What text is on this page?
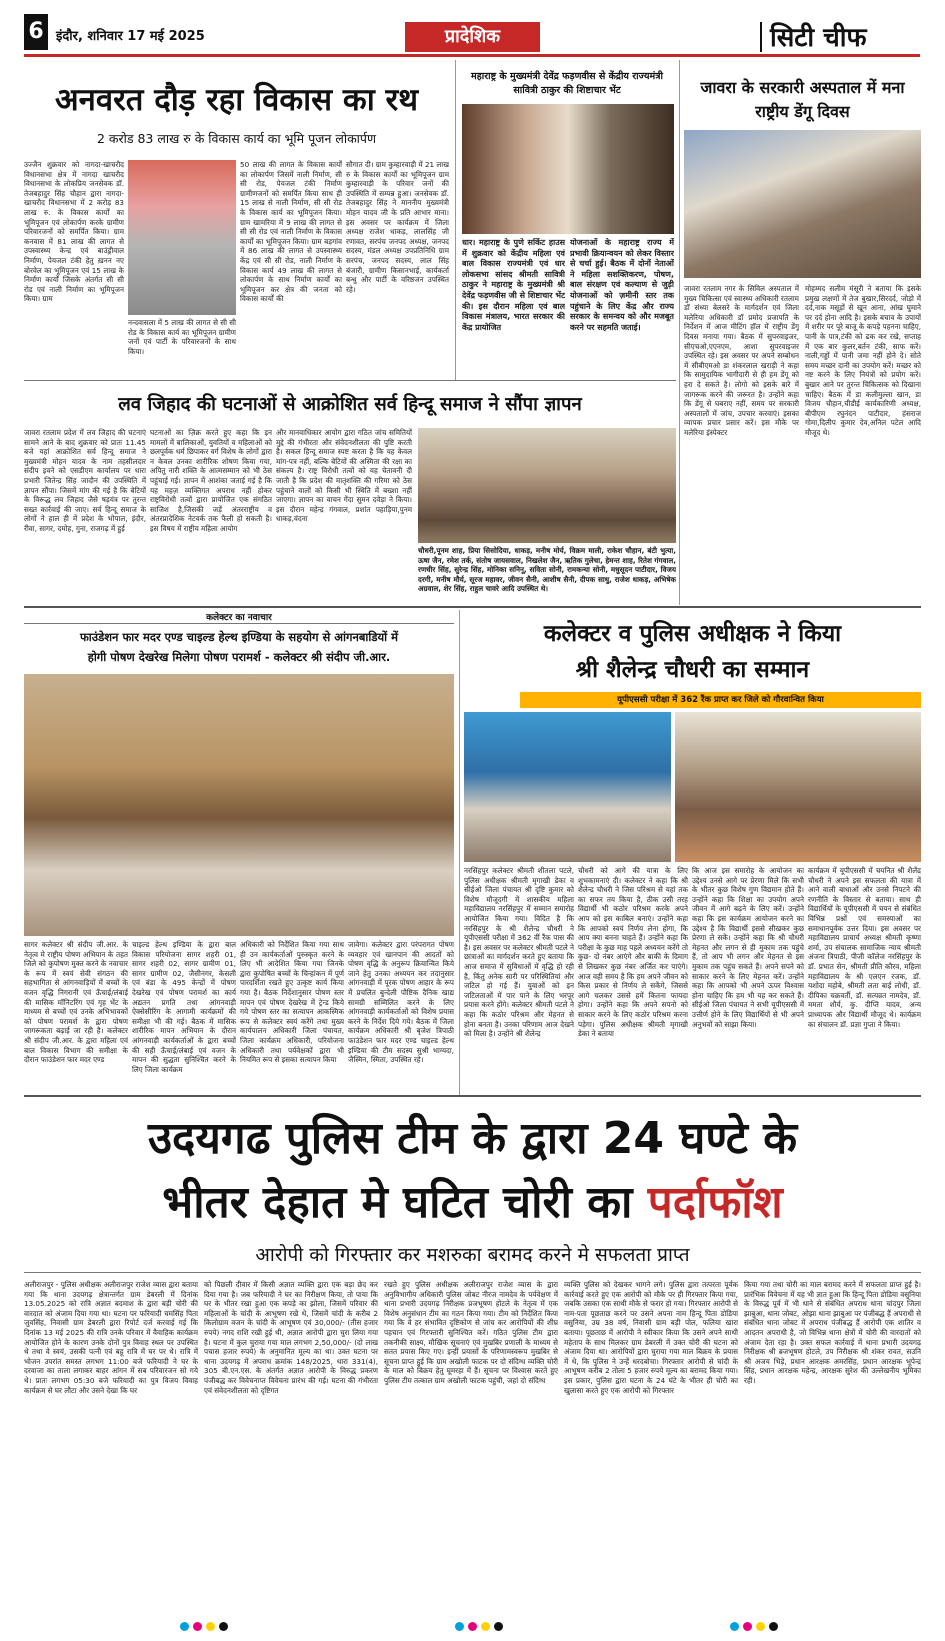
6 इंदौर, शनिवार 17 मई 2025	प्रादेशिक	सिटी चीफ
अनवरत दौड़ रहा विकास का रथ
2 करोड 83 लाख रु के विकास कार्य का भूमि पूजन लोकार्पण
उज्जैन शुक्रवार को नागदा-खाचरौद विधानसभा क्षेत्र में नागदा खाचरौद विधानसभा के लोकप्रिय जनसेवक डॉ. तेजबहादुर सिंह चौहान द्वारा नागदा-खाचरौद विधानसभा में 2 करोड़ 83 लाख रु. के विकास कार्यों का भूमिपूजन एवं लोकार्पण करके ग्रामीण परिवारजनों को समर्पित किया। ग्राम कनवास में 81 लाख की लागत से उपस्वास्थ्य केन्द्र एवं बाउंड्रीवाल निर्माण, पेयजल टंकी हेतु ख़नन नए बोरवेल का भूमिपूजन एवं 15 लाख के निर्माण कार्यों जिसके अंतर्गत सी सी रोड एवं नाली निर्माण का भूमिपूजन किया। ग्राम
नन्दवासला में 5 लाख की लागत से सी सी रोड के विकास कार्य का भूमिपूजन ग्रामीण जनों एवं पार्टी के परिवारजनों के साथ किया।
50 लाख की लागत के विकास कार्यों का लोकार्पण जिसमें नाली निर्माण, सी सी रोड, पेयजल टंकी निर्माण ग्रामीणजनों को समर्पित किया साथ ही 15 लाख से नाली निर्माण, सी सी रोड के विकास कार्य का भूमिपूजन किया। ग्राम खामरिया में 9 लाख की लागत से सी सी रोड एवं नाली निर्माण के विकास कार्यों का भूमिपूजन किया। ग्राम बड़गांव में 86 लाख की लागत से उपस्वास्थ्य केंद्र एवं सी सी रोड, नाली निर्माण के विकास कार्य 49 लाख की लागत से लोकार्पण के साथ निर्माण कार्यों का भूमिपूजन कर क्षेत्र की जनता को विकास कार्यों की
सौगात दी। ग्राम कुम्हारवाड़ी में 21 लाख रु के विकास कार्यों का भूमिपूजन ग्राम कुम्हारवाड़ी के परिवार जनों की उपस्थिति में सम्पन्न हुआ। जनसेवक डॉ. तेजबहादुर सिंह ने माननीय मुख्यमंत्री मोहन यादव जी के प्रति आभार माना। इस अवसर पर कार्यक्रम में जिला अध्यक्ष राजेश धाकड़, लालसिंह जी रणावत, सरपंच जनपद अध्यक्ष, जनपद सदस्य, मंडल अध्यक्ष उपप्रतिनिधि ग्राम सरपंच, जनपद सदस्य, लाल सिंह बंजारी, ग्रामीण किसानभाई, कार्यकर्ता बन्धु और पार्टी के वरिष्ठजन उपस्थित रहे।
महाराष्ट्र के मुख्यमंत्री देवेंद्र फड़णवीस से केंद्रीय राज्यमंत्री सावित्री ठाकुर की शिष्टाचार भेंट
धार। महाराष्ट्र के पुणे सर्किट हाउस में शुक्रवार को केंद्रीय महिला एवं बाल विकास राज्यमंत्री एवं धार लोकसभा सांसद श्रीमती सावित्री ठाकुर ने महाराष्ट्र के मुख्यमंत्री श्री देवेंद्र फड़णवीस जी से शिष्टाचार भेंट की। इस दौरान महिला एवं बाल विकास मंत्रालय, भारत सरकार की केंद्र प्रायोजित
योजनाओं के महाराष्ट्र राज्य में प्रभावी क्रियान्वयन को लेकर विस्तार से चर्चा हुई। बैठक में दोनों नेताओं ने महिला सशक्तिकरण, पोषण, बाल संरक्षण एवं कल्याण से जुड़ी योजनाओं को ज़मीनी स्तर तक पहुंचाने के लिए केंद्र और राज्य सरकार के समन्वय को और मजबूत करने पर सहमति जताई।
जावरा के सरकारी अस्पताल में मना राष्ट्रीय डेंगू दिवस
जावरा रतलाम नगर के सिविल अस्पताल में मुख्य चिकित्सा एवं स्वास्थ्य अधिकारी रतलाम डॉ संध्या बेलसरे के मार्गदर्शन एवं जिला मलेरिया अधिकारी डॉ प्रमोद प्रजापति के निर्देशन में आज मीटिंग हॉल में राष्ट्रीय डेंगू दिवस मनाया गया। बैठक में सुपरवाइजर, सीएचओ,एएनएम, आशा सुपरवाइजर उपस्थित रहे। इस अवसर पर अपने सम्बोधन में सीबीएमओ डा शंकरलाल खराड़ी ने कहा कि सामुदायिक भागीदारी से ही हम डेंगू को हरा दे सकते है। लोगो को इसके बारे में जागरूक करने की जरूरत है। उन्होंने कहा कि डेंगू से घबराए नहीं, समय पर सरकारी अस्पतालों में जांच, उपचार करवाएं। इसका व्यापक प्रचार प्रसार करें। इस मौके पर मलेरिया इंस्पेक्टर
मोहम्मद सलीम मंसूरी ने बताया कि इसके प्रमुख लक्षणों में तेज बुखार,सिरदर्द, जोड़ो में दर्द,नाक मसूड़ों से खून आना, आंख घुमाने पर दर्द होना आदि है। इसके बचाव के उपायों में शरीर पर पूरे बाजू के कपड़े पहनना चाहिए, पानी के पात्र,टंकी को ढक कर रखे, सप्ताह में एक बार कुलर,बर्तन टंकी, साफ करें। नाली,गड्डों में पानी जमा नहीं होने दे। सोते समय मच्छर दानी का उपयोग करें। मच्छर को नष्ट करने के लिए नियंत्रों को प्रयोग करें। बुखार आने पर तुरन्त चिकित्सक को दिखाना चाहिए। बैठक में डा कलीमुल्ला खान, डा विजय चौहान,चीडीई कार्यकारिणी अध्यक्ष, बीपीएम रघुनंदन पाटीदार, हंसराज गोमा,दिलीप कुमार देव,अनिल पटेल आदि मौजूद थे।
लव जिहाद की घटनाओं से आक्रोशित सर्व हिन्दू समाज ने सौंपा ज्ञापन
जावरा रतलाम प्रदेश में लव जिहाद की घटनाएं सामने आने के बाद शुक्रवार को प्रातः 11.45 बजे यहां आक्रोशित सर्व हिन्दू समाज ने मुख्यमंत्री मोहन यादव के नाम तहसीलदार संदीप इवने को एसडीएम कार्यालय पर धारा प्रभारी जितेन्द्र सिंह जादौन की उपस्थिति में ज्ञापन सौंपा। जिसमें मांग की गई है कि बेटियों के विरूद्ध लव जिहाद जैसे षड़यंत्र पर तुरन्त सख्त कार्रवाई की जाए। सर्व हिन्दू समाज के लोगों ने हाल ही में प्रदेश के भोपाल, इंदौर, रीवा, सागर, दमोह, गुना, राजगढ़ में हुई
घटनाओं का ज़िक्र करते हुए कहा कि इन मामलों में बालिकाओं, युवतियों व महिलाओं को छलपूर्वक धर्म छिपाकर वर्ग विशेष के लोगों द्वारा न केवल उनका शारीरिक शोषण किया गया, अपितु नारी शक्ति के आत्मसम्मान को भी ठेस पहुंचाई गई। ज्ञापन में आशंका जताई गई है कि यह महज़ व्यक्तिगत अपराध नहीं होकर राष्ट्रविरोधी तत्वों द्वारा प्रायोजित एक संगठित साजिश है,जिसकी जड़ें अंतरराष्ट्रीय व अंतरप्रादेशिक नेटवर्क तक फैली हो सकती है। इस विषय में राष्ट्रीय महिला आयोग
और मानवाधिकार आयोग द्वारा गठित जांच समितियों मुद्दे की गंभीरता और संवेदनशीलता की पुष्टि करती है। सकल हिन्दू समाज स्पष्ट करता है कि यह केवल मांग-पत्र नहीं, बल्कि बेटियों की अस्मिता की रक्षा का संकल्प है। राष्ट्र विरोधी तत्वों को यह चेतावनी दी जाती है कि प्रदेश की मातृशक्ति की गरिमा को ठेस पहुंचाने वालों को किसी भी स्थिति में बख्शा नहीं जाएगा। ज्ञापन का वाचन गेंदा सुमन दवेड़ा ने किया। इस दौरान महेन्द्र गंगवाल, प्रशांत पहाड़िया,पुनम धाकड़,वंदना
चौधरी,पूनम शाह, प्रिया सिसोदिया, धाकड़, मनीष मोर्य, विक्रम माली, राकेश चौहान, बंटी भुत्या, ऊषा जैन, रमेश तर्क, संतोष जायसवाल, निखलेश जैन, ऋतिक गुलेचा, हेमन्त शाह, रितेश गंगवाल, रणधीर सिंह, सुरेन्द्र सिंह, मोनिका सनिनू, सविता सोनी, रामकन्या सोनी, मधुसूदन पाटीदार, विजय दरगी, मनीष मौर्य, सूरज महावर, जीवन सैनी, आशीष सैनी, दीपक साधु, राजेश धाकड़, अभिषेक अग्रवाल, शेर सिंह, राहुल चावरे आदि उपस्थित थे।
कलेक्टर का नवाचार
फाउंडेशन फार मदर एण्ड चाइल्ड हेल्थ इण्डिया के सहयोग से आंगनबाडियों में
होगी पोषण देखरेख मिलेगा पोषण परामर्श - कलेक्टर श्री संदीप जी.आर.
सागर कलेक्टर श्री संदीप जी.आर. के नेतृत्व मे राष्ट्रीय पोषण अभियान के तहत जिले को कुपोषण मुक्त करने के नवाचार के रूप में स्वयं सेवी संगठन की सहभागिता से आंगनवाड़ियों में बच्चों के वजन वृद्धि निगरानी एवं ऊँचाई/लंबाई की मासिक मॉनिटरिंग एवं गृह भेंट के माध्यम से बच्चों एवं उनके अभिभावकों को पोषण परामर्श के द्वारा पोषण जागरूकता बढ़ाई जा रही है। कलेक्टर श्री संदीप जी.आर. के द्वारा महिला एवं बाल विकास विभाग की समीक्षा के दौरान फाउंडेशन फार मदर एण्ड
चाइल्ड हेल्थ इण्डिया के द्वारा बाल विकास परियोजना सागर शहरी 01, सागर शहरी 02, सागर ग्रामीण 01, सागर ग्रामीण 02, जैसीनगर, केसली एवं बंडा के 495 केन्द्रों में पोषण देखरेख एवं पोषण परामर्श का कार्य अद्यतन प्रगति तथा आंगनवाड़ी ऐक्सेसीरिंग के आगामी कार्यक्रमों की समीक्षा भी की गई। बैठक में मासिक शारीरिक मापन अभियान के दौरान आंगनवाड़ी कार्यकर्ताओं के द्वारा बच्चों की सही ऊँचाई/लंबाई एवं वजन के मापन की सुद्धता सुनिश्चित करने के लिए जिला कार्यक्रम
अधिकारी को निर्देशित किया गया साथ ही उन कार्यकर्ताओं पुरुस्कृत करने के लिए भी आदेशित किया गया जिनके द्वारा कुपोषित बच्चों के चिन्हांकन में पूर्ण पारदर्शिता रखते हुए उत्कृष्ट कार्य किया गया है। बैठक निर्देशानुसार पोषण स्तर मापन एवं पोषण देखरेख में ट्रेन्ड किये गये पोषण स्तर का सत्यापन आकस्मिक रूप से कलेक्टर स्वयं करेंगे तथा मुख्य कार्यपालन अधिकारी जिला पंचायत, जिला कार्यक्रम अधिकारी, परियोजना अधिकारी तथा पर्यवेक्षकों द्वारा भी नियमित रूप से इसका सत्यापन किया
जावेगा। कलेक्टर द्वारा परंपरागत पोषण व्यवहार एवं खानपान की आदतों को पोषण वृद्धि के अनुरूप क्रियान्वित किये जाने हेतु उनका अध्ययन कर तदानुसार आंगनवाड़ी में पूरक पोषण आहार के रूप में प्रचलित बुन्देली पौष्टिक दैनिक खाद्य सामग्री सम्मिलित करने के लिए आंगनवाड़ी कार्यकर्ताओं को विशेष प्रयास करने के निर्देश दिये गये। बैठक में जिला कार्यक्रम अधिकारी श्री बृजेश त्रिपाठी फाउंडेशन फार मदर एण्ड चाइल्ड हेल्थ इण्डिया की टीम सदस्य सुश्री भाग्यदा, जैस्मिन, स्मिता, उपस्थित रहे।
कलेक्टर व पुलिस अधीक्षक ने किया
श्री शैलेन्द्र चौधरी का सम्मान
यूपीएससी परीक्षा में 362 रैंक प्राप्त कर जिले को गौरवान्वित किया
नरसिंहपुर कलेक्टर श्रीमती शीतला पटले, पुलिस अधीक्षक श्रीमती मृगाखी डेका व सीईओ जिला पंचायत श्री दृष्टि कुमार को विशेष मौजूदगी में शासकीय महिला महाविद्यालय नरसिंहपुर में सम्मान समारोह आयोजित किया गया। विदित है कि नरसिंहपुर के श्री शैलेन्द्र चौधरी ने यूपीएससी परीक्षा में 362 वीं रैंक पास की है। इस अवसर पर कलेक्टर श्रीमती पटले ने छात्राओं का मार्गदर्शन करते हुए बताया कि आज समाज में सुविधाओं में वृद्धि हो रही है, किंतु अनेक सारी पर परिस्थितियां और जटिल हो गई हैं। युवाओं को इन जटिलताओं में पार पाने के लिए भरपूर प्रयास करने होंगे। कलेक्टर श्रीमती पटले ने कहा कि कठोर परिश्रम और मेहनत से होना बनता है। उनका परिणाम आज देखने को मिला है। उन्होंने श्री शैलेन्द्र
चौधरी को आगे की यात्रा के लिए शुभकामनाएं दी। कलेक्टर ने कहा कि श्री शैलेन्द्र चौधरी ने जिस परिश्रम से यहां तक का सफर तय किया है, ठीक उसी तरह विद्यार्थी भी कठोर परिश्रम करके अपने आप को इस काबिल बनाएं। उन्होंने कहा कि आपको स्वयं निर्णय लेना होगा, कि आप क्या बनना चाहते हैं। उन्होंने कहा कि परीक्षा के कुछ माह पहले अध्ययन करेंगे तो कुछ- दो नंबर आएंगे और बाकी के दिमाग से लिखकर कुछ नंबर अर्जित कर पाएंगे। आज वही समय है कि हम अपने जीवन को किस प्रकार से निर्णय ले सकेंगे, जिससे आगे चलकर उससे हमें कितना फायदा होगा। उन्होंने कहा कि अपने सपनो को साकार करने के लिए कठोर परिश्रम करना पड़ेगा। पुलिस अधीक्षक श्रीमती मृगाखी डेका ने बताया
कि आज इस समारोह के आयोजन का उद्देश्य उनसे आगे पर प्रेरणा मिले कि सभी के भीतर कुछ विशेष गुण विद्यमान होते हैं। उन्होंने कहा कि शिक्षा का उपयोग अपने जीवन में आगे बढ़ने के लिए करें। उन्होंने कहा कि इस कार्यक्रम आयोजन करने का उद्देश्य है कि विद्यार्थी इससे सीखकर कुछ प्रेरणा ले सकें। उन्होंने कहा कि श्री चौधरी मेहनत और लगन से ही मुकाम तक पहुंचे हैं, तो आप भी लगन और मेहनत से इस मुकाम तक पहुंच सकते हैं। अपने सपने को साकार करने के लिए मेहनत करें। उन्होंने कहा कि आपको भी अपने ऊपर विश्वास होना चाहिए कि हम भी यह कर सकते हैं। सीईओ जिला पंचायत ने सभी यूपीएससी में उत्तीर्ण होने के लिए विद्यार्थियों से भी अपने अनुभवों को साझा किया।
कार्यक्रम में यूपीएससी में चयनित श्री शैलेंद्र चौधरी ने अपने इस सफलता की यात्रा में आने वाली बाधाओं और उनसे निपटने की रणनीति के विस्तार से बताया। साथ ही विद्यार्थियों के यूपीएससी में चयन से संबंधित विभिन्न प्रश्नों एवं समस्याओं का समाधानपूर्वक उत्तर दिया। इस अवसर पर महाविद्यालय प्राचार्य अध्यक्ष श्रीमती कृष्णा शर्मा, उप संचालक सामाजिक न्याय श्रीमती अंजना त्रिपाठी, पीजी कॉलेज नरसिंहपुर के डॉ. प्रभात सेन, श्रीमती प्रीति कौरव, महिला महाविद्यालय के श्री एलएन रजक, डॉ. यशोदा महोबे, श्रीमती लता बाई लोधी, डॉ. दीपिका चक्रवर्ती, डॉ. सत्यव्रत नामदेव, डॉ. ममता शौर्य, कु. दीप्ति यादव, अन्य प्राध्यापक और विद्यार्थी मौजूद थे। कार्यक्रम का संचालन डॉ. प्रज्ञा गुप्ता ने किया।
उदयगढ पुलिस टीम के द्वारा 24 घण्टे के
भीतर देहात मे घटित चोरी का पर्दाफॉश
आरोपी को गिरफ्तार कर मशरुका बरामद करने मे सफलता प्राप्त
अलीराजपुर - पुलिस अधीक्षक अलीराजपुर राजेश व्यास द्वारा बताया गया कि थाना उदयगढ़ क्षेत्रान्तर्गत ग्राम डेबरली में दिनांक 13.05.2025 को रात्रि अज्ञात बदमाश के द्वारा बड़ी चोरी की वारदात को अंजाम दिया गया था। घटना पर फरियादी चमसिंह पिता जुवसिंह, निवासी ग्राम डेबरली द्वारा रिपोर्ट दर्ज करवाई गई कि दिनांक 13 मई 2025 की रात्रि उनके परिवार में वैवाहिक कार्यक्रम आयोजित होने के कारण उनके दोनों पुत्र विवाह स्थल पर उपस्थित थे तथा वे स्वयं, उसकी पत्नी एवं बहू रात्रि में घर पर थे। रात्रि में भोजन उपरांत समस्त लगभग 11:00 बजे फरियादी ने घर के दरवाजा का ताला लगाकर बाहर आंगन में सब परिवारजन सो गये थे। प्रातः लगभग 05:30 बजे फरियादी का पुत्र विजय विवाह कार्यक्रम से घर लौटा और उसने देखा कि घर
को पिछली दीवार में किसी अज्ञात व्यक्ति द्वारा एक बड़ा छेद कर दिया गया है। जब फरियादी ने घर का निरीक्षण किया, तो पाया कि घर के भीतर रखा हुआ एक कपड़े का झोला, जिसमें परिवार की महिलाओं के चांदी के आभूषण रखे थे, जिसमें चांदी के करीब 2 किलोग्राम वजन के चांदी के आभूषण एवं 30,000/- (तीस हजार रुपये) नगद राशि रखी हुई थी, अज्ञात आरोपी द्वारा चुरा लिया गया है। घटना में कुल चुराया गया माल लगभग 2,50,000/- (दो लाख पचास हजार रुपये) के अनुमानित मूल्य का था। उक्त घटना पर थाना उदयगढ़ में अपराध क्रमांक 148/2025, धारा 331(4), 305 बी.एन.एस. के अंतर्गत अज्ञात आरोपी के विरुद्ध प्रकरण पंजीबद्ध कर विवेचनाप्त विवेचना प्रारंभ की गई। घटना की गंभीरता एवं संवेदनशीलता को दृष्टिगत
रखते हुए पुलिस अधीक्षक अलीराजपुर राजेश व्यास के द्वारा अनुविभागीय अधिकारी पुलिस जोबट नीरज नामदेव के पर्यवेक्षण में थाना प्रभारी उदयगढ़ निरीक्षक प्रजभूषण होटले के नेतृत्व में एक विशेष अनुसंधान टीम का गठन किया गया। टीम को निर्देशित किया गया कि वे हर संभावित दृष्टिकोण से जांच कर आरोपियों की शीघ्र पहचान एवं गिरफ्तारी सुनिश्चित करें। गठित पुलिस टीम द्वारा तकनीकी साक्ष्य, मौखिक सूचनाएं एवं मुखबिर प्रणाली के माध्यम से सतत प्रयास किए गए। इन्हीं प्रयासों के परिणामस्वरूप मुखबिर से सूचना प्राप्त हुई कि ग्राम अखोली फाटक पर दो संदिग्ध व्यक्ति चोरी के माल को बिक्रय हेतु घूमरहा में हैं। सूचना पर विश्वास करते हुए पुलिस टीम तत्काल ग्राम अखोली फाटक पहुंची, जहां दो संदिग्ध
व्यक्ति पुलिस को देखकर भागने लगे। पुलिस द्वारा तत्परता पूर्वक कार्रवाई करते हुए एक आरोपी को मौके पर ही गिरफ्तार किया गया, जबकि उसका एक साथी मौके से फरार हो गया। गिरफ्तार आरोपी से नाम-पता पूछताछ करने पर उसने अपना नाम हिन्दू पिता डोडिया वसुनिया, उम्र 38 वर्ष, निवासी ग्राम बड़ी पोल, फलिया खारा बताया। पूछताछ में आरोपी ने स्वीकार किया कि उसने अपने साथी महेताप के साथ मिलकर ग्राम डेबरली में उक्त चोरी की घटना को अंजाम दिया था। आरोपियों द्वारा चुराया गया माल बिक्रय के प्रयास में थे, कि पुलिस ने उन्हें धरदबोचा। गिरफ्तार आरोपी से चांदी के आभूषण करीब 2 तोला 5 हजार रुपये मूल्य का बरामद किया गया। इस प्रकार, पुलिस द्वारा घटना के 24 घंटे के भीतर ही चोरी का खुलासा करते हुए एक आरोपी को गिरफ्तार
किया गया तथा चोरी का माल बरामद करने में सफलता प्राप्त हुई है। प्रारंभिक विवेचना में यह भी ज्ञात हुआ कि हिन्दू पिता डोडिया वसुनिया के विरुद्ध पूर्व में भी थाने से संबंधित अपराध थाना चांदपुर जिला झाबुआ, थाना जोबट, ओझा थाना झाबुआ पर पंजीबद्ध हैं अपराधी से संबंधित थाना जोबट में अपराध पंजीबद्ध हैं आरोपी एक शातिर व आदतन अपराधी है, जो विभिन्न थाना क्षेत्रों में चोरी की वारदातों को अंजाम देता रहा है। उक्त सफल कार्रवाई में थाना प्रभारी उदयगढ़ निरीक्षक श्री ब्रजभूषण होटले, उप निरीक्षक श्री शंकर रावत, सउनि श्री अजय भिड़े, प्रधान आरक्षक अमरसिंह, प्रधान आरक्षक भूपेन्द्र सिंह, प्रधान आरक्षक महेन्द्र, आरक्षक सुरेश की उल्लेखनीय भूमिका रही।
